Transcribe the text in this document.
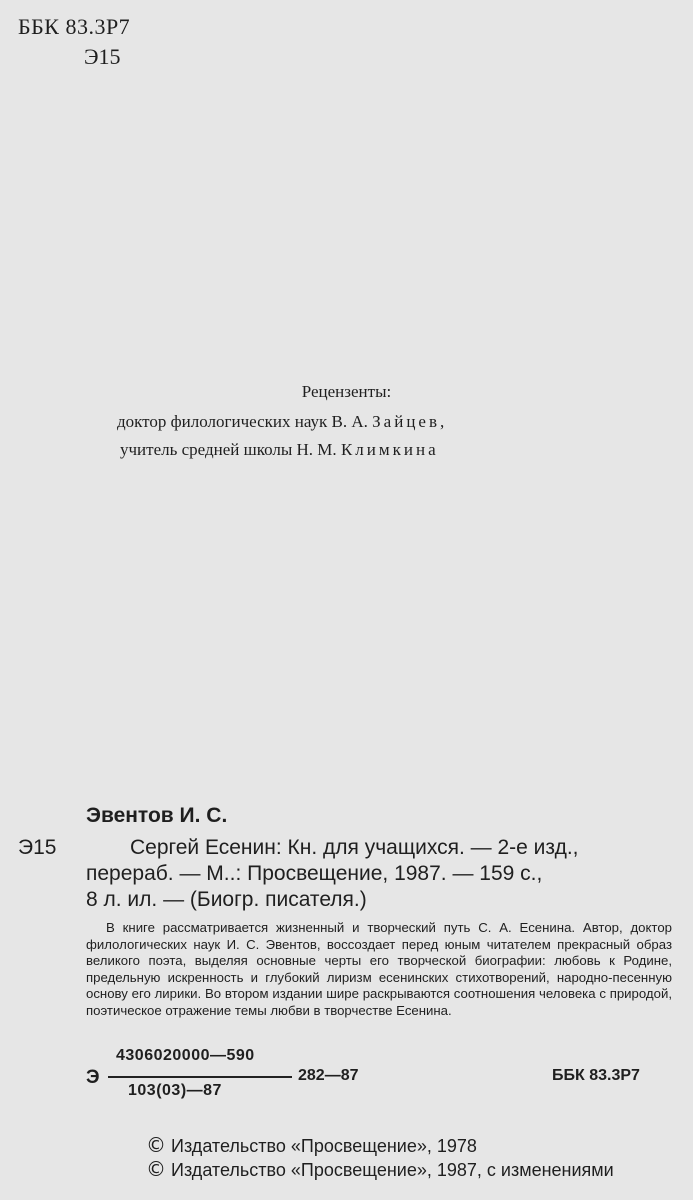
ББК 83.3Р7
Э15
Рецензенты:
доктор филологических наук В. А. Зайцев,
учитель средней школы Н. М. Климкина
Эвентов И. С.
Э15	Сергей Есенин: Кн. для учащихся. — 2-е изд.,
перераб. — М..: Просвещение, 1987. — 159 с.,
8 л. ил. — (Биогр. писателя.)
В книге рассматривается жизненный и творческий путь С. А. Есенина. Автор, доктор филологических наук И. С. Эвентов, воссоздает перед юным читателем прекрасный образ великого поэта, выделяя основные черты его творческой биографии: любовь к Родине, предельную искренность и глубокий лиризм есенинских стихотворений, народно-песенную основу его лирики. Во втором издании шире раскрываются соотношения человека с природой, поэтическое отражение темы любви в творчестве Есенина.
Э
4306020000—590
103(03)—87
282—87	ББК 83.3Р7
© Издательство «Просвещение», 1978
© Издательство «Просвещение», 1987, с изменениями
